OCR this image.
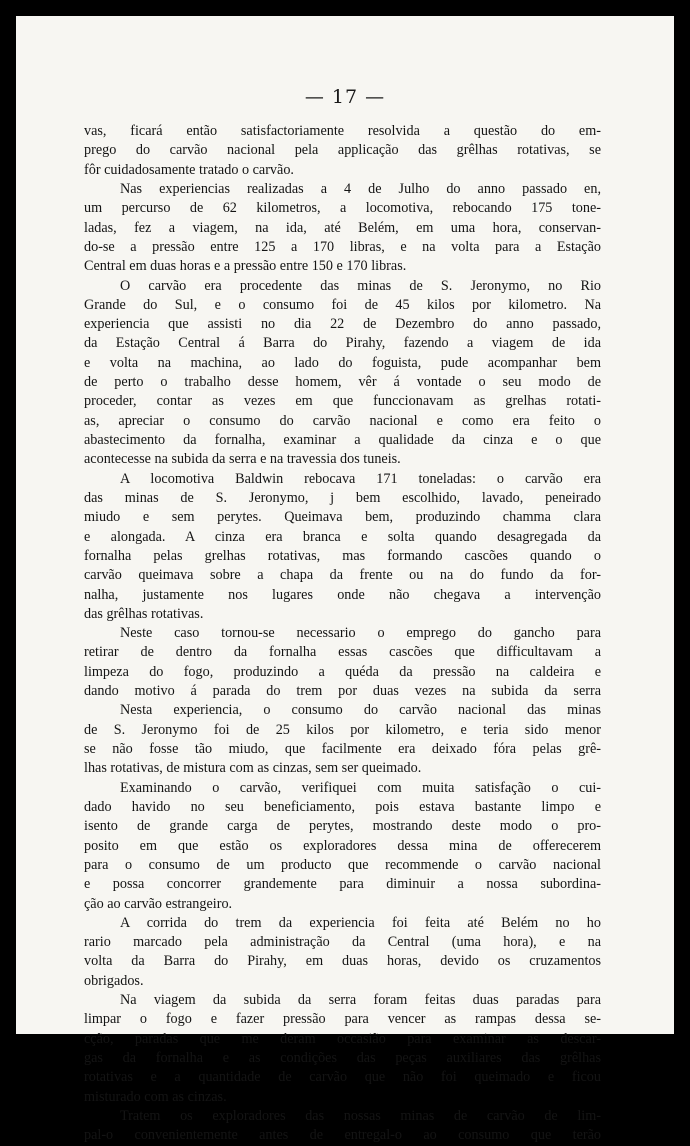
— 17 —

vas, ficará então satisfactoriamente resolvida a questão do em-

prego do carvão nacional pela applicação das grêlhas rotativas, se

fôr cuidadosamente tratado o carvão.

Nas experiencias realizadas a 4 de Julho do anno passado en,

um percurso de 62 kilometros, a locomotiva, rebocando 175 tone-

ladas, fez a viagem, na ida, até Belém, em uma hora, conservan-

do-se a pressão entre 125 a 170 libras, e na volta para a Estação

Central em duas horas e a pressão entre 150 e 170 libras.

O carvão era procedente das minas de S. Jeronymo, no Rio

Grande do Sul, e o consumo foi de 45 kilos por kilometro. Na

experiencia que assisti no dia 22 de Dezembro do anno passado,

da Estação Central á Barra do Pirahy, fazendo a viagem de ida

e volta na machina, ao lado do foguista, pude acompanhar bem

de perto o trabalho desse homem, vêr á vontade o seu modo de

proceder, contar as vezes em que funccionavam as grelhas rotati-

as, apreciar o consumo do carvão nacional e como era feito o

abastecimento da fornalha, examinar a qualidade da cinza e o que

acontecesse na subida da serra e na travessia dos tuneis.

A locomotiva Baldwin rebocava 171 toneladas: o carvão era

das minas de S. Jeronymo, j bem escolhido, lavado, peneirado

miudo e sem perytes. Queimava bem, produzindo chamma clara

e alongada. A cinza era branca e solta quando desagregada da

fornalha pelas grelhas rotativas, mas formando cascões quando o

carvão queimava sobre a chapa da frente ou na do fundo da for-

nalha, justamente nos lugares onde não chegava a intervenção

das grêlhas rotativas.

Neste caso tornou-se necessario o emprego do gancho para

retirar de dentro da fornalha essas cascões que difficultavam a

limpeza do fogo, produzindo a quéda da pressão na caldeira e

dando motivo á parada do trem por duas vezes na subida da serra

Nesta experiencia, o consumo do carvão nacional das minas

de S. Jeronymo foi de 25 kilos por kilometro, e teria sido menor

se não fosse tão miudo, que facilmente era deixado fóra pelas grê-

lhas rotativas, de mistura com as cinzas, sem ser queimado.

Examinando o carvão, verifiquei com muita satisfação o cui-

dado havido no seu beneficiamento, pois estava bastante limpo e

isento de grande carga de perytes, mostrando deste modo o pro-

posito em que estão os exploradores dessa mina de offerecerem

para o consumo de um producto que recommende o carvão nacional

e possa concorrer grandemente para diminuir a nossa subordina-

ção ao carvão estrangeiro.

A corrida do trem da experiencia foi feita até Belém no ho

rario marcado pela administração da Central (uma hora), e na

volta da Barra do Pirahy, em duas horas, devido os cruzamentos

obrigados.

Na viagem da subida da serra foram feitas duas paradas para

limpar o fogo e fazer pressão para vencer as rampas dessa se-

cção, paradas que me deram occasião para examinar as descar-

gas da fornalha e as condições das peças auxiliares das grêlhas

rotativas e a quantidade de carvão que não foi queimado e ficou

misturado com as cinzas.

Tratem os exploradores das nossas minas de carvão de lim-

pal-o convenientemente antes de entregal-o ao consumo que terão
